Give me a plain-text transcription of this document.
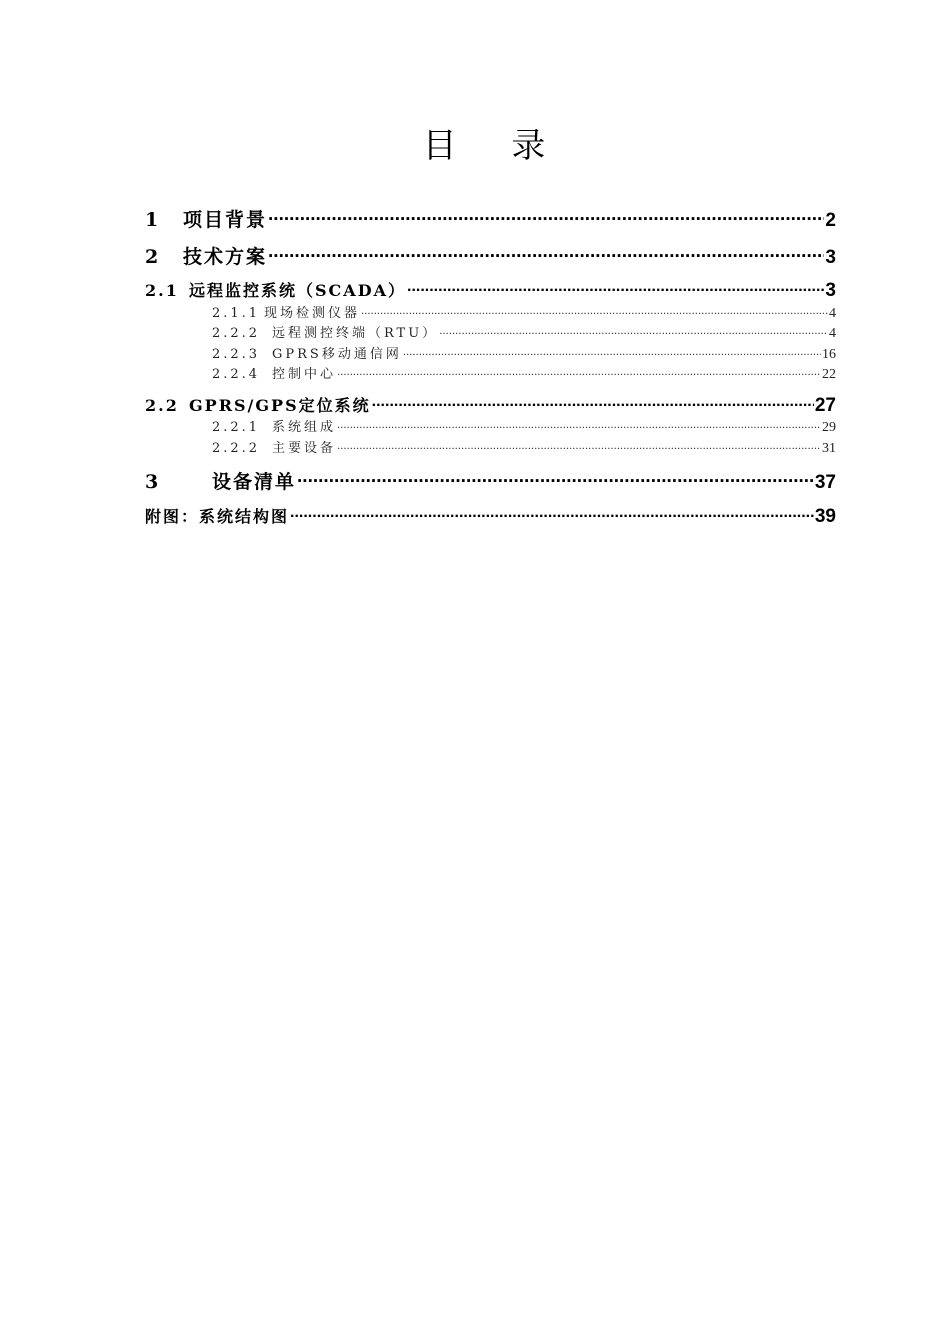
目 录
1	项目背景 .....	2
2	技术方案 .....	3
2.1 远程监控系统（SCADA） .....	3
2.1.1 现场检测仪器 .....	4
2.2.2 远程测控终端（RTU） .....	4
2.2.3 GPRS移动通信网 .....	16
2.2.4 控制中心 .....	22
2.2 GPRS/GPS定位系统 .....	27
2.2.1 系统组成 .....	29
2.2.2 主要设备 .....	31
3	设备清单 .....	37
附图：系统结构图 .....	39
